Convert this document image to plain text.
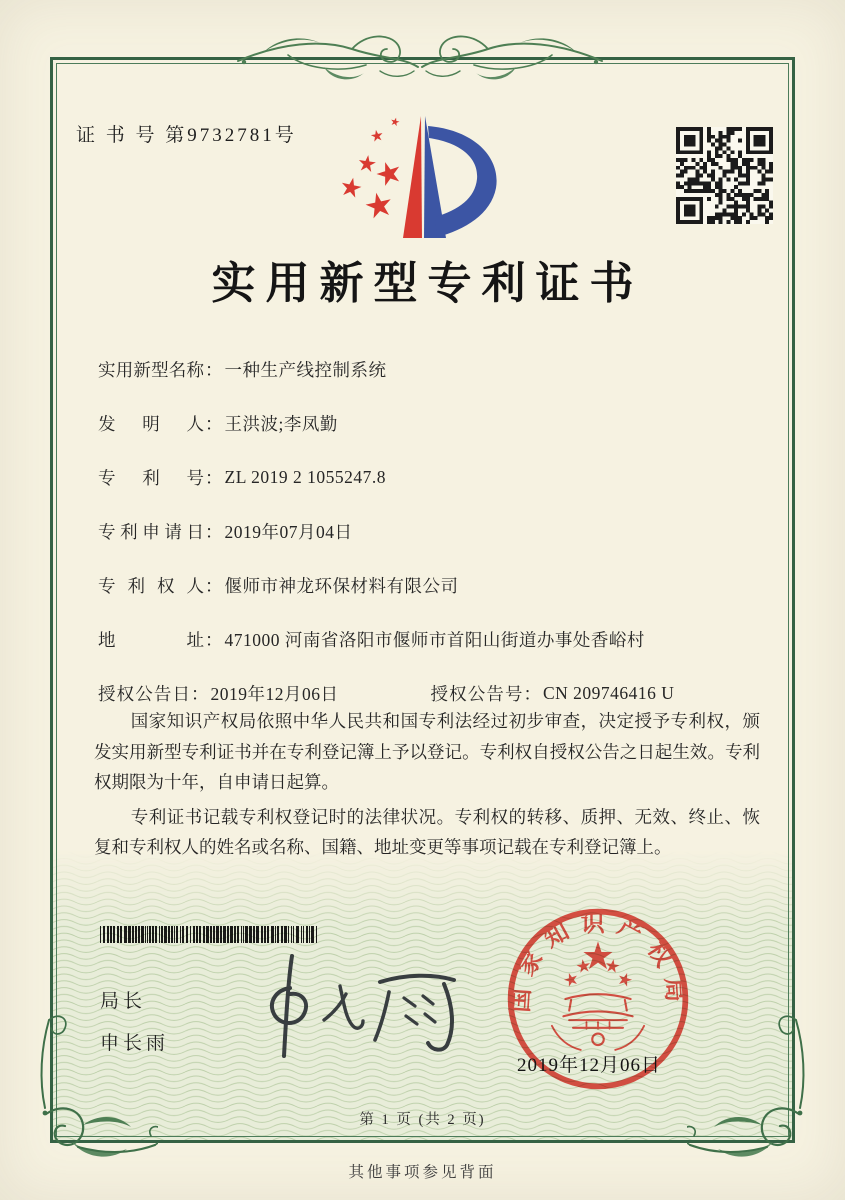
证 书 号 第9732781号
实用新型专利证书
实用新型名称 ： 一种生产线控制系统
发明人 ： 王洪波;李凤勤
专利号 ： ZL 2019 2 1055247.8
专利申请日 ： 2019年07月04日
专利权人 ： 偃师市神龙环保材料有限公司
地址 ： 471000 河南省洛阳市偃师市首阳山街道办事处香峪村
授权公告日 ： 2019年12月06日	授权公告号 ： CN 209746416 U

国家知识产权局依照中华人民共和国专利法经过初步审查，决定授予专利权，颁发实用新型专利证书并在专利登记簿上予以登记。专利权自授权公告之日起生效。专利权期限为十年，自申请日起算。

专利证书记载专利权登记时的法律状况。专利权的转移、质押、无效、终止、恢复和专利权人的姓名或名称、国籍、地址变更等事项记载在专利登记簿上。

局长
申长雨
国家知识产权局
2019年12月06日
第 1 页 (共 2 页)
其他事项参见背面
